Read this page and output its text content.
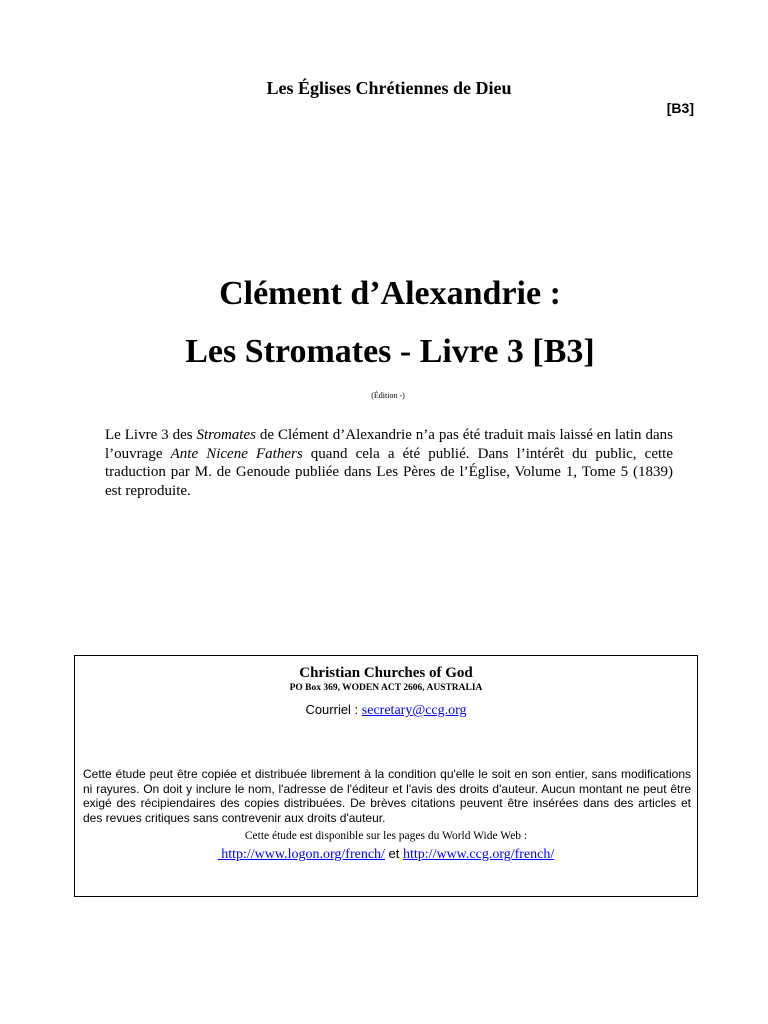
Les Églises Chrétiennes de Dieu
[B3]
Clément d’Alexandrie :
Les Stromates - Livre 3 [B3]
(Édition -)

Le Livre 3 des Stromates de Clément d’Alexandrie n’a pas été traduit mais laissé en latin dans l’ouvrage Ante Nicene Fathers quand cela a été publié. Dans l’intérêt du public, cette traduction par M. de Genoude publiée dans Les Pères de l’Église, Volume 1, Tome 5 (1839) est reproduite.

Christian Churches of God
PO Box 369, WODEN ACT 2606, AUSTRALIA
Courriel : secretary@ccg.org
Cette étude peut être copiée et distribuée librement à la condition qu'elle le soit en son entier, sans modifications ni rayures. On doit y inclure le nom, l'adresse de l'éditeur et l'avis des droits d'auteur. Aucun montant ne peut être exigé des récipiendaires des copies distribuées. De brèves citations peuvent être insérées dans des articles et des revues critiques sans contrevenir aux droits d'auteur.
Cette étude est disponible sur les pages du World Wide Web :
http://www.logon.org/french/ et http://www.ccg.org/french/
